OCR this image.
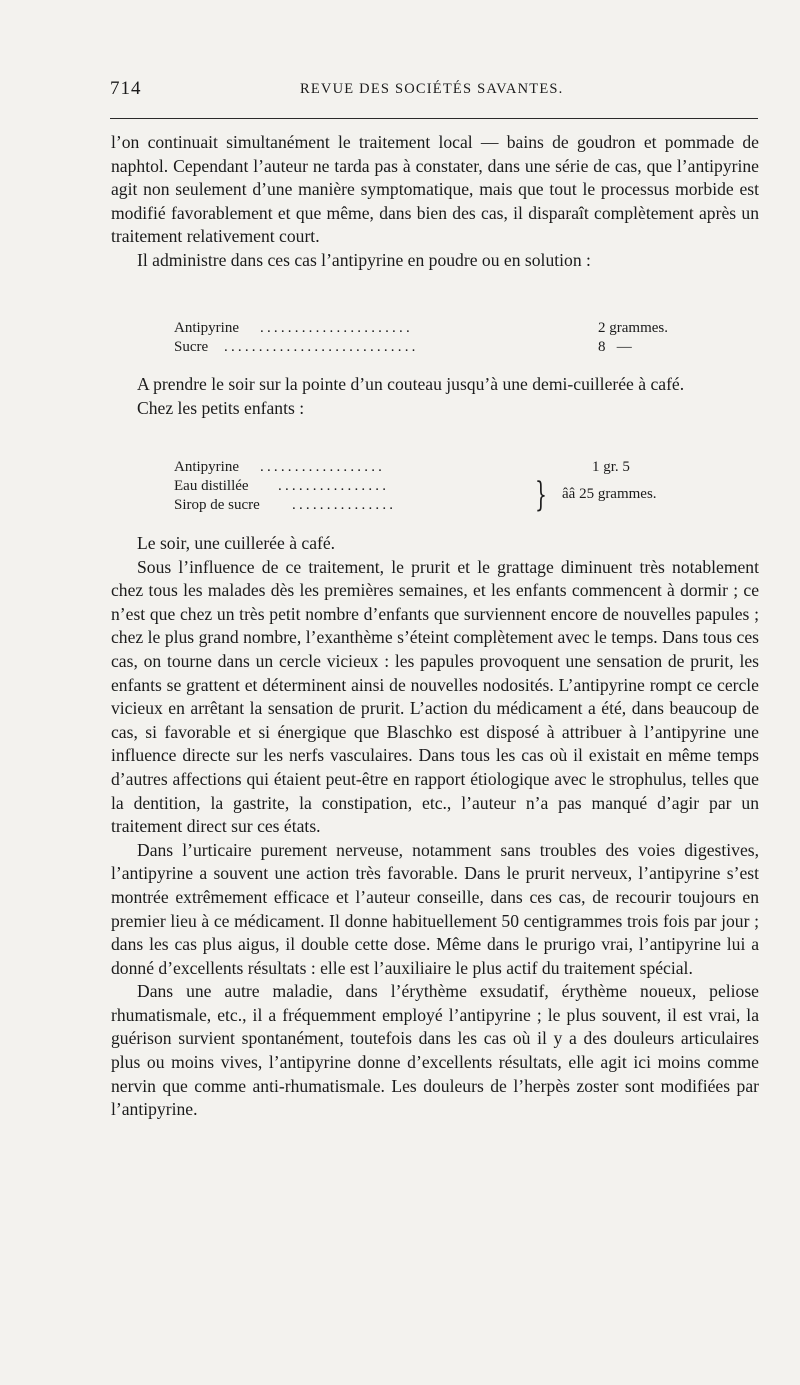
714	REVUE DES SOCIÉTÉS SAVANTES.

l’on continuait simultanément le traitement local — bains de goudron et pommade de naphtol. Cependant l’auteur ne tarda pas à constater, dans une série de cas, que l’antipyrine agit non seulement d’une manière symptomatique, mais que tout le processus morbide est modifié favorablement et que même, dans bien des cas, il disparaît complètement après un traitement relativement court.

Il administre dans ces cas l’antipyrine en poudre ou en solution :

Antipyrine ......................	2 grammes.
Sucre ............................	8   —

A prendre le soir sur la pointe d’un couteau jusqu’à une demi-cuillerée à café.

Chez les petits enfants :

Antipyrine ..................	1 gr. 5
Eau distillée ................
Sirop de sucre ...............	} ââ 25 grammes.

Le soir, une cuillerée à café.

Sous l’influence de ce traitement, le prurit et le grattage diminuent très notablement chez tous les malades dès les premières semaines, et les enfants commencent à dormir ; ce n’est que chez un très petit nombre d’enfants que surviennent encore de nouvelles papules ; chez le plus grand nombre, l’exanthème s’éteint complètement avec le temps. Dans tous ces cas, on tourne dans un cercle vicieux : les papules provoquent une sensation de prurit, les enfants se grattent et déterminent ainsi de nouvelles nodosités. L’antipyrine rompt ce cercle vicieux en arrêtant la sensation de prurit. L’action du médicament a été, dans beaucoup de cas, si favorable et si énergique que Blaschko est disposé à attribuer à l’antipyrine une influence directe sur les nerfs vasculaires. Dans tous les cas où il existait en même temps d’autres affections qui étaient peut-être en rapport étiologique avec le strophulus, telles que la dentition, la gastrite, la constipation, etc., l’auteur n’a pas manqué d’agir par un traitement direct sur ces états.

Dans l’urticaire purement nerveuse, notamment sans troubles des voies digestives, l’antipyrine a souvent une action très favorable. Dans le prurit nerveux, l’antipyrine s’est montrée extrêmement efficace et l’auteur conseille, dans ces cas, de recourir toujours en premier lieu à ce médicament. Il donne habituellement 50 centigrammes trois fois par jour ; dans les cas plus aigus, il double cette dose. Même dans le prurigo vrai, l’antipyrine lui a donné d’excellents résultats : elle est l’auxiliaire le plus actif du traitement spécial.

Dans une autre maladie, dans l’érythème exsudatif, érythème noueux, peliose rhumatismale, etc., il a fréquemment employé l’antipyrine ; le plus souvent, il est vrai, la guérison survient spontanément, toutefois dans les cas où il y a des douleurs articulaires plus ou moins vives, l’antipyrine donne d’excellents résultats, elle agit ici moins comme nervin que comme anti-rhumatismale. Les douleurs de l’herpès zoster sont modifiées par l’antipyrine.
